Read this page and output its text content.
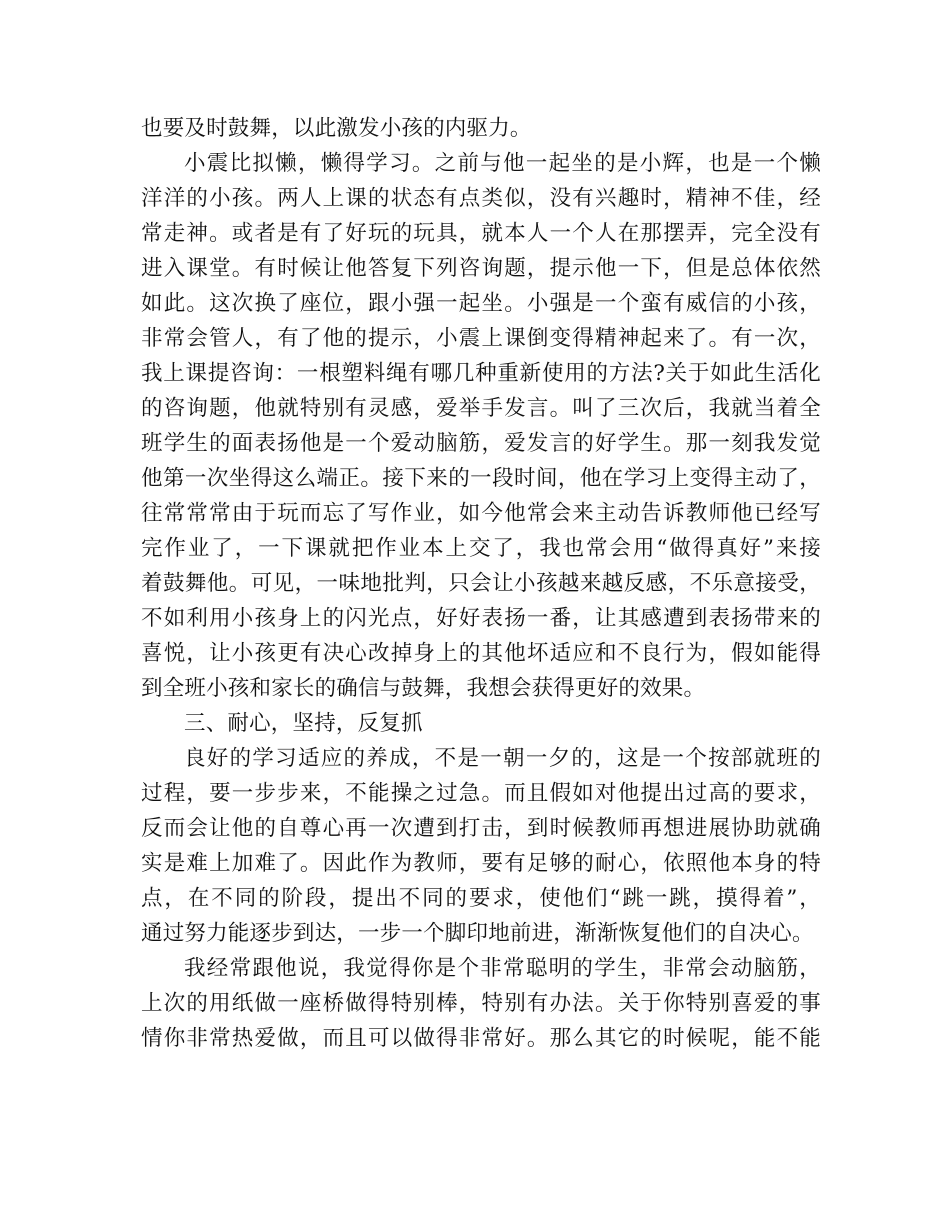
也要及时鼓舞，以此激发小孩的内驱力。
小震比拟懒，懒得学习。之前与他一起坐的是小辉，也是一个懒
洋洋的小孩。两人上课的状态有点类似，没有兴趣时，精神不佳，经
常走神。或者是有了好玩的玩具，就本人一个人在那摆弄，完全没有
进入课堂。有时候让他答复下列咨询题，提示他一下，但是总体依然
如此。这次换了座位，跟小强一起坐。小强是一个蛮有威信的小孩，
非常会管人，有了他的提示，小震上课倒变得精神起来了。有一次，
我上课提咨询：一根塑料绳有哪几种重新使用的方法?关于如此生活化
的咨询题，他就特别有灵感，爱举手发言。叫了三次后，我就当着全
班学生的面表扬他是一个爱动脑筋，爱发言的好学生。那一刻我发觉
他第一次坐得这么端正。接下来的一段时间，他在学习上变得主动了，
往常常常由于玩而忘了写作业，如今他常会来主动告诉教师他已经写
完作业了，一下课就把作业本上交了，我也常会用“做得真好”来接
着鼓舞他。可见，一味地批判，只会让小孩越来越反感，不乐意接受，
不如利用小孩身上的闪光点，好好表扬一番，让其感遭到表扬带来的
喜悦，让小孩更有决心改掉身上的其他坏适应和不良行为，假如能得
到全班小孩和家长的确信与鼓舞，我想会获得更好的效果。
三、耐心，坚持，反复抓
良好的学习适应的养成，不是一朝一夕的，这是一个按部就班的
过程，要一步步来，不能操之过急。而且假如对他提出过高的要求，
反而会让他的自尊心再一次遭到打击，到时候教师再想进展协助就确
实是难上加难了。因此作为教师，要有足够的耐心，依照他本身的特
点，在不同的阶段，提出不同的要求，使他们“跳一跳，摸得着”，
通过努力能逐步到达，一步一个脚印地前进，渐渐恢复他们的自决心。
我经常跟他说，我觉得你是个非常聪明的学生，非常会动脑筋，
上次的用纸做一座桥做得特别棒，特别有办法。关于你特别喜爱的事
情你非常热爱做，而且可以做得非常好。那么其它的时候呢，能不能
